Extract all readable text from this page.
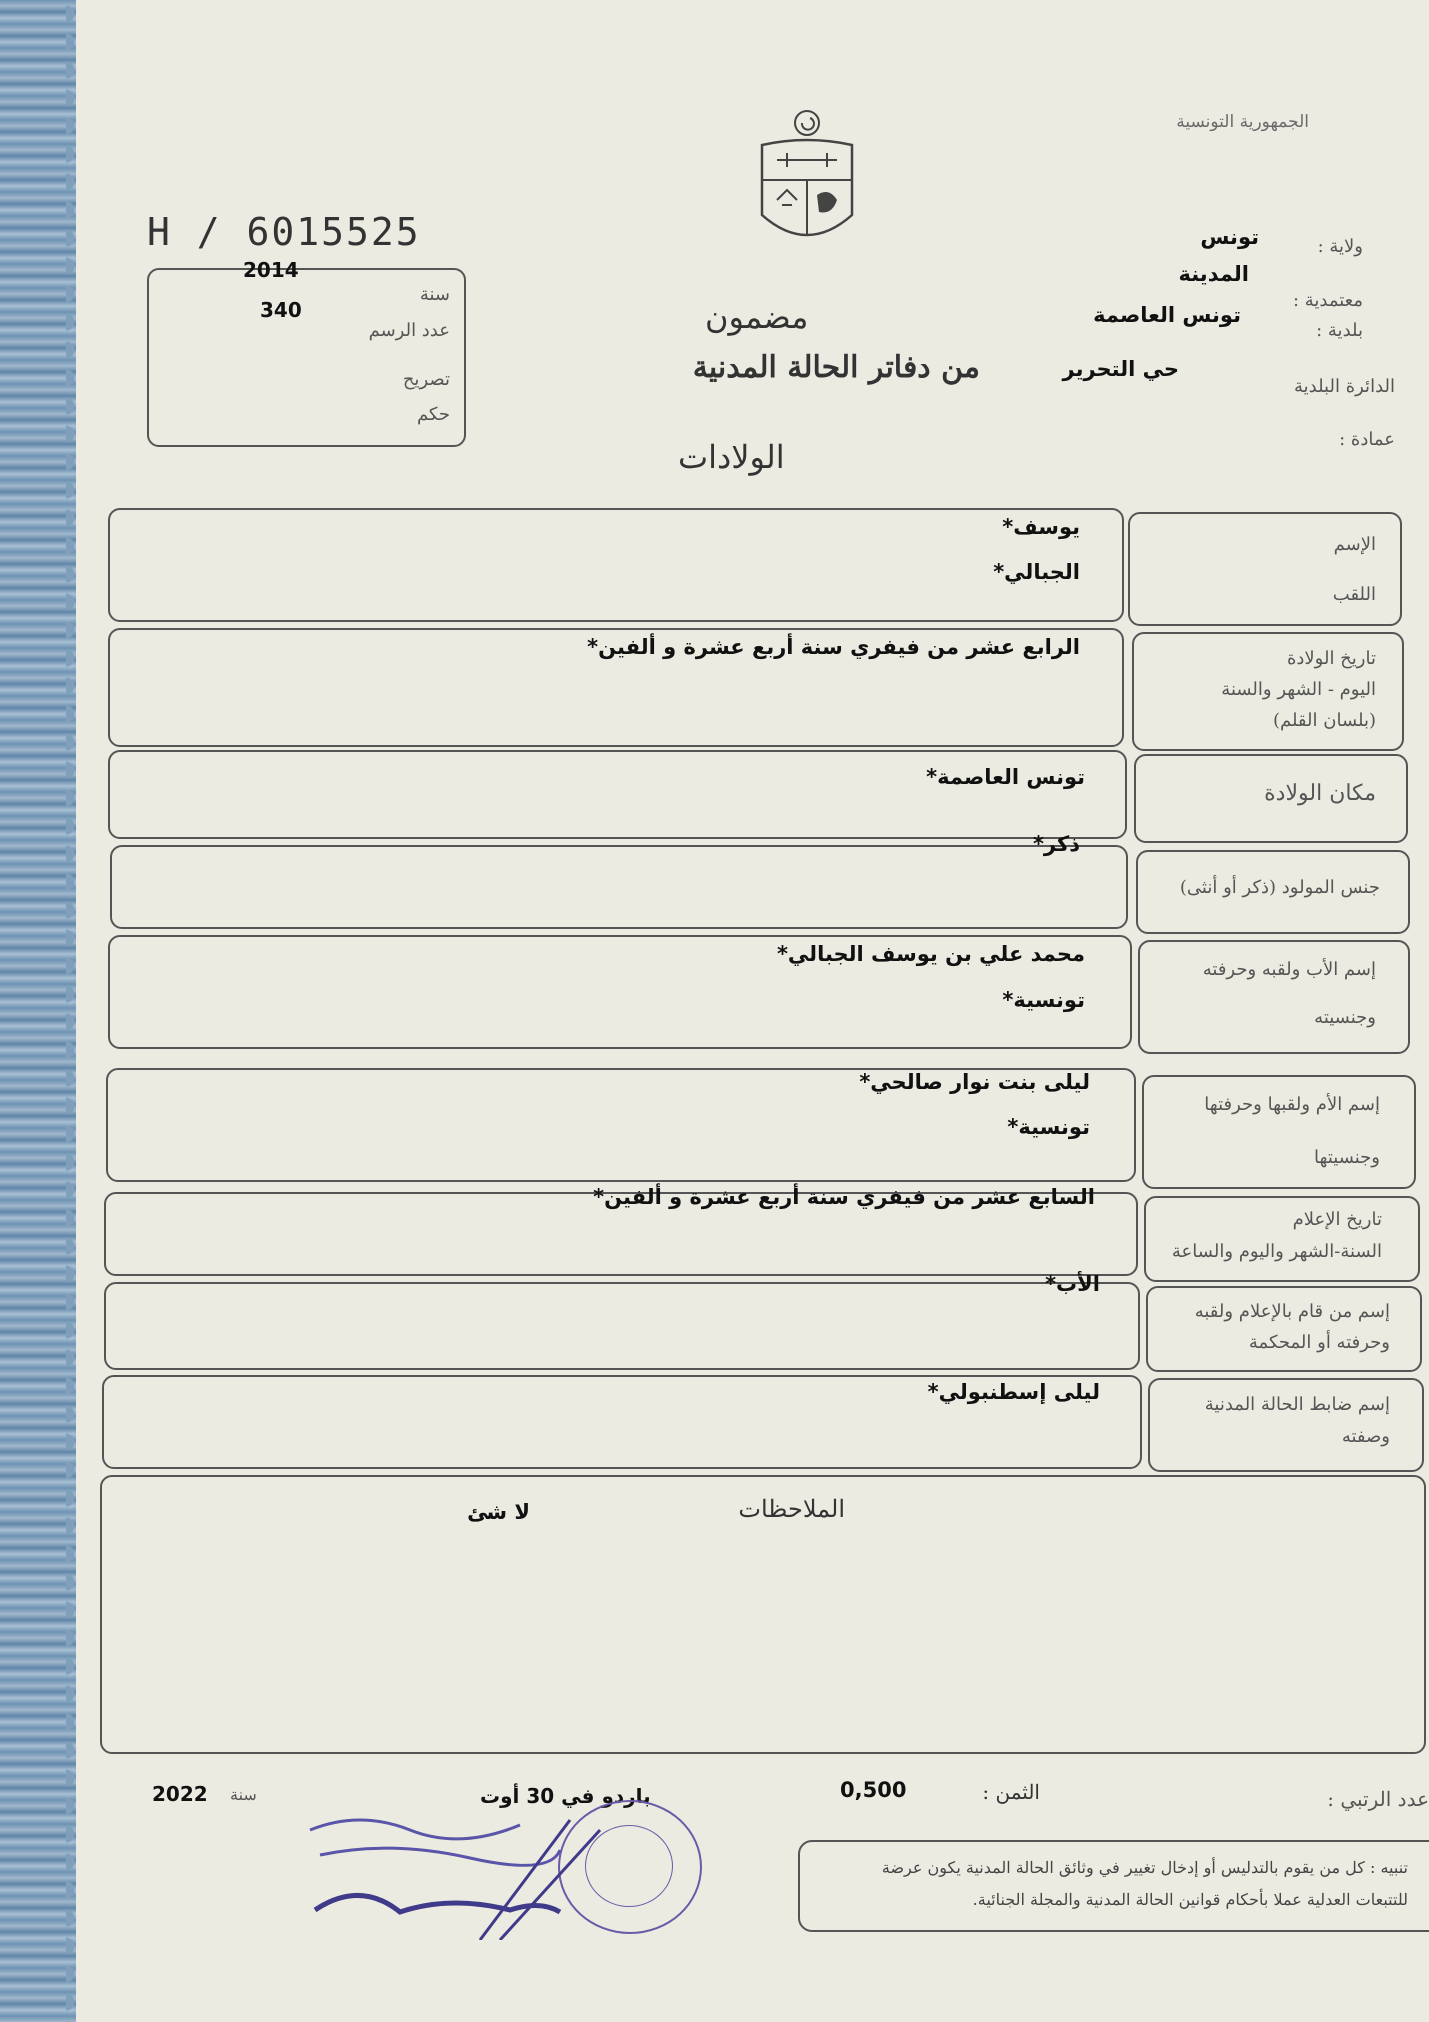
الجمهورية التونسية
H / 6015525
2014
340
سنة
عدد الرسم
تصريح
حكم
ولاية :
تونس
معتمدية :
المدينة
بلدية :
تونس العاصمة
الدائرة البلدية
حي التحرير
عمادة :
مضمون
من دفاتر الحالة المدنية
الولادات
يوسف*
الجبالي*
الإسم
اللقب
الرابع عشر من فيفري سنة أربع عشرة و ألفين*	تاريخ الولادة
اليوم - الشهر والسنة
(بلسان القلم)
تونس العاصمة*
مكان الولادة
ذكر*
جنس المولود (ذكر أو أنثى)
محمد علي بن يوسف الجبالي*
تونسية*
إسم الأب ولقبه وحرفته
وجنسيته
ليلى بنت نوار صالحي*
تونسية*
إسم الأم ولقبها وحرفتها
وجنسيتها
السابع عشر من فيفري سنة أربع عشرة و ألفين*
تاريخ الإعلام
السنة-الشهر واليوم والساعة
الأب*
إسم من قام بالإعلام ولقبه
وحرفته أو المحكمة
ليلى إسطنبولي*
إسم ضابط الحالة المدنية
وصفته
الملاحظات
لا شئ
عدد الرتبي :
الثمن :
0,500
باردو في 30 أوت
سنة
2022
تنبيه : كل من يقوم بالتدليس أو إدخال تغيير في وثائق الحالة المدنية يكون عرضة
للتتبعات العدلية عملا بأحكام قوانين الحالة المدنية والمجلة الجنائية.
